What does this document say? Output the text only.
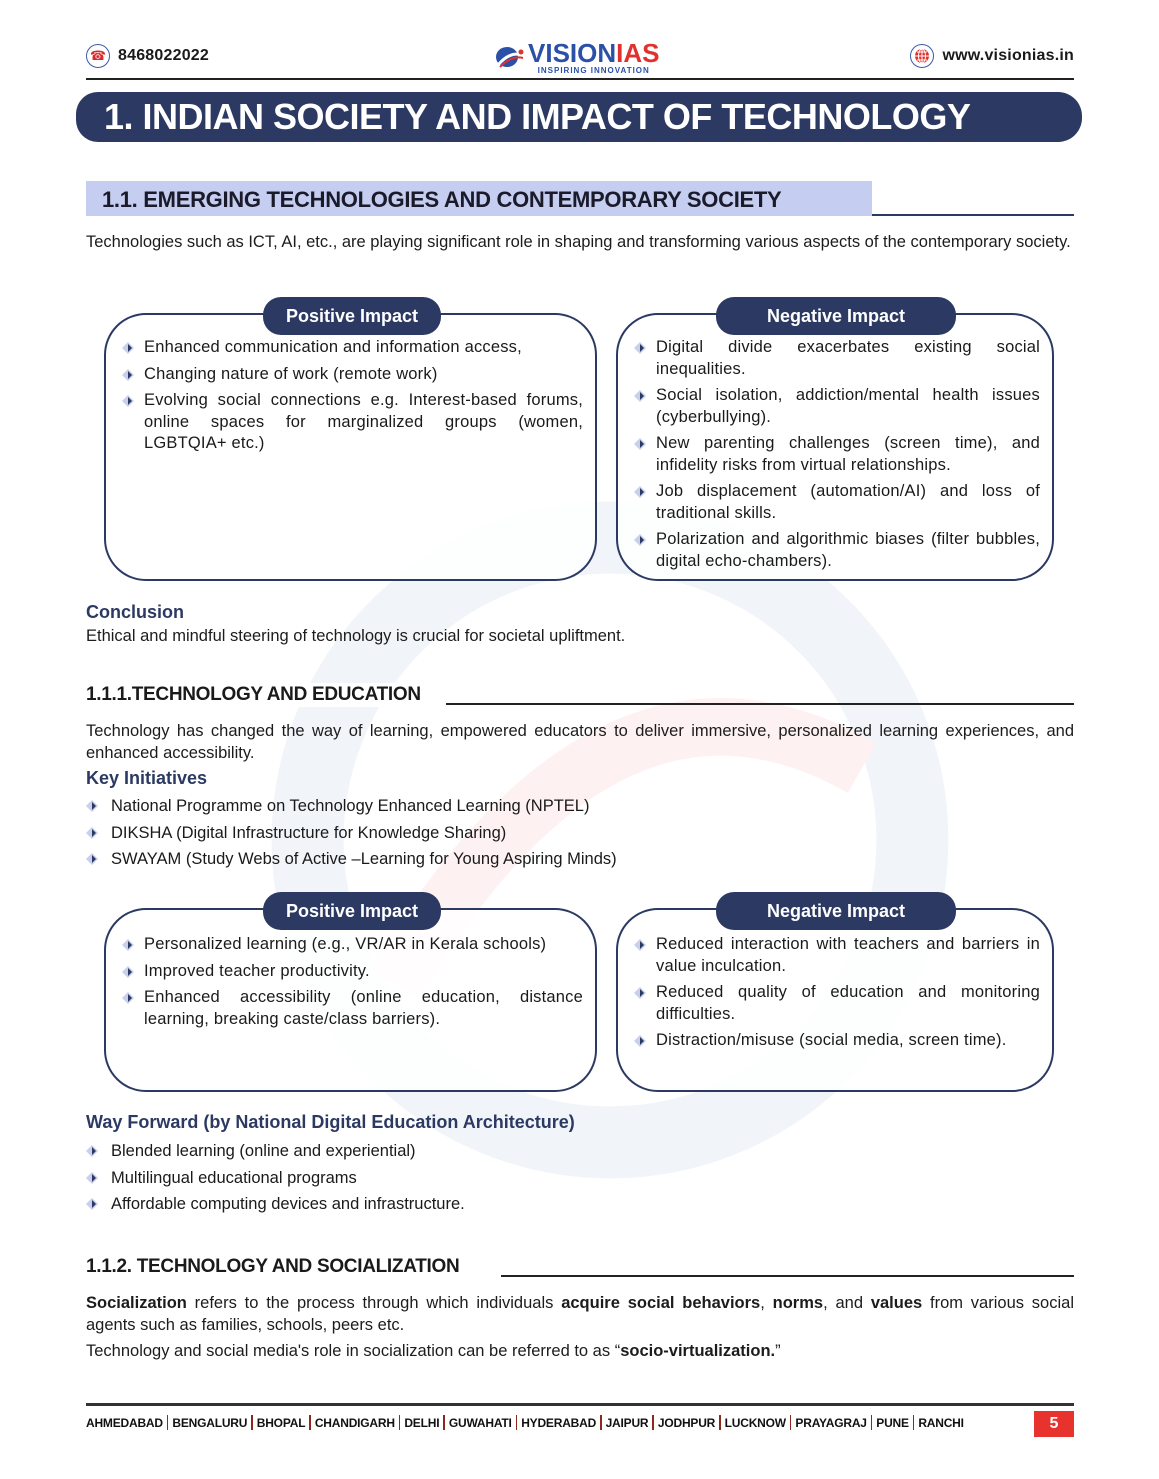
☎ 8468022022	VISIONIAS
INSPIRING INNOVATION
www.visionias.in
1. INDIAN SOCIETY AND IMPACT OF TECHNOLOGY
1.1. EMERGING TECHNOLOGIES AND CONTEMPORARY SOCIETY
Technologies such as ICT, AI, etc., are playing significant role in shaping and transforming various aspects of the contemporary society.
Positive Impact
Enhanced communication and information access,
Changing nature of work (remote work)
Evolving social connections e.g. Interest-based forums, online spaces for marginalized groups (women, LGBTQIA+ etc.)
Negative Impact
Digital divide exacerbates existing social inequalities.
Social isolation, addiction/mental health issues (cyberbullying).
New parenting challenges (screen time), and infidelity risks from virtual relationships.
Job displacement (automation/AI) and loss of traditional skills.
Polarization and algorithmic biases (filter bubbles, digital echo-chambers).
Conclusion
Ethical and mindful steering of technology is crucial for societal upliftment.
1.1.1.TECHNOLOGY AND EDUCATION
Technology has changed the way of learning, empowered educators to deliver immersive, personalized learning experiences, and enhanced accessibility.
Key Initiatives
National Programme on Technology Enhanced Learning (NPTEL)
DIKSHA (Digital Infrastructure for Knowledge Sharing)
SWAYAM (Study Webs of Active –Learning for Young Aspiring Minds)
Positive Impact
Personalized learning (e.g., VR/AR in Kerala schools)
Improved teacher productivity.
Enhanced accessibility (online education, distance learning, breaking caste/class barriers).
Negative Impact
Reduced interaction with teachers and barriers in value inculcation.
Reduced quality of education and monitoring difficulties.
Distraction/misuse (social media, screen time).
Way Forward (by National Digital Education Architecture)
Blended learning (online and experiential)
Multilingual educational programs
Affordable computing devices and infrastructure.
1.1.2. TECHNOLOGY AND SOCIALIZATION
Socialization refers to the process through which individuals acquire social behaviors, norms, and values from various social agents such as families, schools, peers etc.
Technology and social media's role in socialization can be referred to as “socio-virtualization.”
AHMEDABAD BENGALURU BHOPAL CHANDIGARH DELHI GUWAHATI HYDERABAD JAIPUR JODHPUR LUCKNOW PRAYAGRAJ PUNE RANCHI	5
